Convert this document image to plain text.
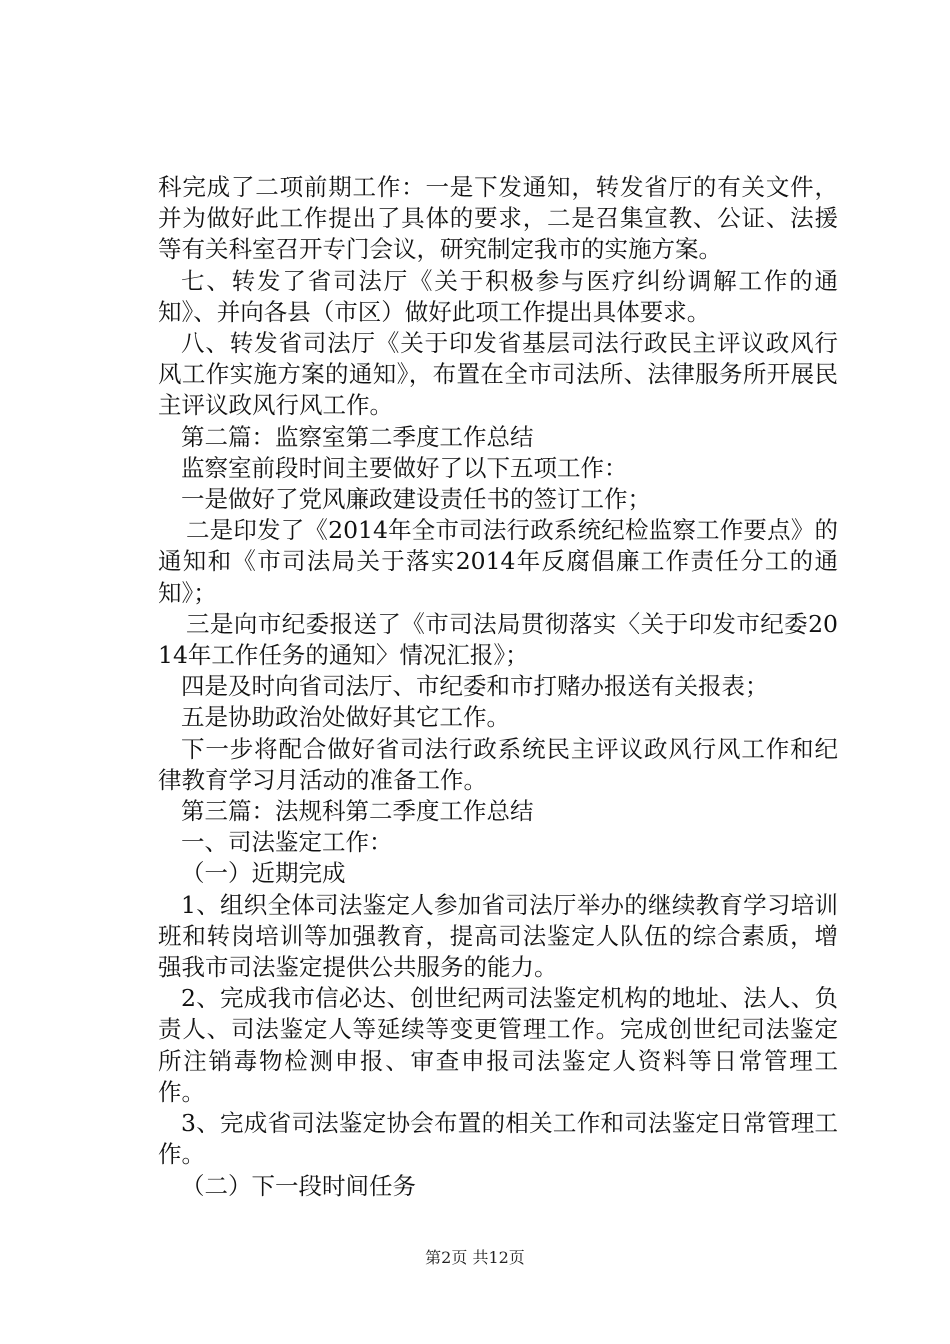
科完成了二项前期工作：一是下发通知，转发省厅的有关文件，并为做好此工作提出了具体的要求，二是召集宣教、公证、法援等有关科室召开专门会议，研究制定我市的实施方案。

七、转发了省司法厅《关于积极参与医疗纠纷调解工作的通知》、并向各县（市区）做好此项工作提出具体要求。

八、转发省司法厅《关于印发省基层司法行政民主评议政风行风工作实施方案的通知》，布置在全市司法所、法律服务所开展民主评议政风行风工作。

第二篇：监察室第二季度工作总结

监察室前段时间主要做好了以下五项工作：

一是做好了党风廉政建设责任书的签订工作；

二是印发了《2014年全市司法行政系统纪检监察工作要点》的通知和《市司法局关于落实2014年反腐倡廉工作责任分工的通知》；

三是向市纪委报送了《市司法局贯彻落实〈关于印发市纪委2014年工作任务的通知〉情况汇报》；

四是及时向省司法厅、市纪委和市打赌办报送有关报表；

五是协助政治处做好其它工作。

下一步将配合做好省司法行政系统民主评议政风行风工作和纪律教育学习月活动的准备工作。

第三篇：法规科第二季度工作总结

一、司法鉴定工作：

（一）近期完成

1、组织全体司法鉴定人参加省司法厅举办的继续教育学习培训班和转岗培训等加强教育，提高司法鉴定人队伍的综合素质，增强我市司法鉴定提供公共服务的能力。

2、完成我市信必达、创世纪两司法鉴定机构的地址、法人、负责人、司法鉴定人等延续等变更管理工作。完成创世纪司法鉴定所注销毒物检测申报、审查申报司法鉴定人资料等日常管理工作。

3、完成省司法鉴定协会布置的相关工作和司法鉴定日常管理工作。

（二）下一段时间任务

第2页 共12页
